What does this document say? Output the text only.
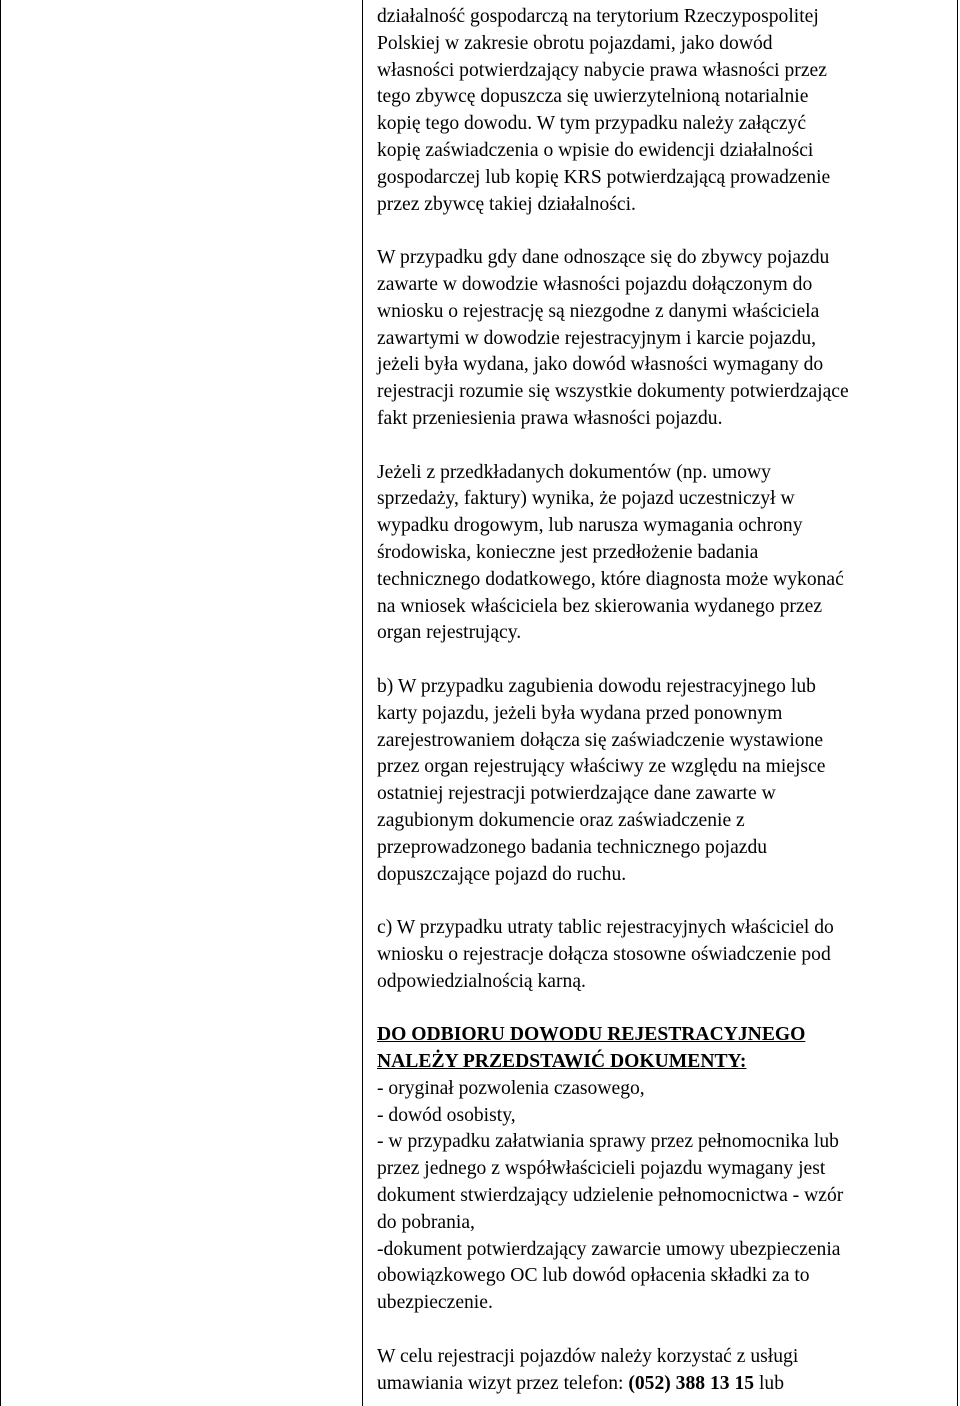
działalność gospodarczą na terytorium Rzeczypospolitej
Polskiej w zakresie obrotu pojazdami, jako dowód
własności potwierdzający nabycie prawa własności przez
tego zbywcę dopuszcza się uwierzytelnioną notarialnie
kopię tego dowodu. W tym przypadku należy załączyć
kopię zaświadczenia o wpisie do ewidencji działalności
gospodarczej lub kopię KRS potwierdzającą prowadzenie
przez zbywcę takiej działalności.

W przypadku gdy dane odnoszące się do zbywcy pojazdu
zawarte w dowodzie własności pojazdu dołączonym do
wniosku o rejestrację są niezgodne z danymi właściciela
zawartymi w dowodzie rejestracyjnym i karcie pojazdu,
jeżeli była wydana, jako dowód własności wymagany do
rejestracji rozumie się wszystkie dokumenty potwierdzające
fakt przeniesienia prawa własności pojazdu.

Jeżeli z przedkładanych dokumentów (np. umowy
sprzedaży, faktury) wynika, że pojazd uczestniczył w
wypadku drogowym, lub narusza wymagania ochrony
środowiska, konieczne jest przedłożenie badania
technicznego dodatkowego, które diagnosta może wykonać
na wniosek właściciela bez skierowania wydanego przez
organ rejestrujący.

b) W przypadku zagubienia dowodu rejestracyjnego lub
karty pojazdu, jeżeli była wydana przed ponownym
zarejestrowaniem dołącza się zaświadczenie wystawione
przez organ rejestrujący właściwy ze względu na miejsce
ostatniej rejestracji potwierdzające dane zawarte w
zagubionym dokumencie oraz zaświadczenie z
przeprowadzonego badania technicznego pojazdu
dopuszczające pojazd do ruchu.

c) W przypadku utraty tablic rejestracyjnych właściciel do
wniosku o rejestracje dołącza stosowne oświadczenie pod
odpowiedzialnością karną.

DO ODBIORU DOWODU REJESTRACYJNEGO
NALEŻY PRZEDSTAWIĆ DOKUMENTY:
- oryginał pozwolenia czasowego,
- dowód osobisty,
- w przypadku załatwiania sprawy przez pełnomocnika lub
przez jednego z współwłaścicieli pojazdu wymagany jest
dokument stwierdzający udzielenie pełnomocnictwa - wzór
do pobrania,
-dokument potwierdzający zawarcie umowy ubezpieczenia
obowiązkowego OC lub dowód opłacenia składki za to
ubezpieczenie.

W celu rejestracji pojazdów należy korzystać z usługi
umawiania wizyt przez telefon: (052) 388 13 15 lub
